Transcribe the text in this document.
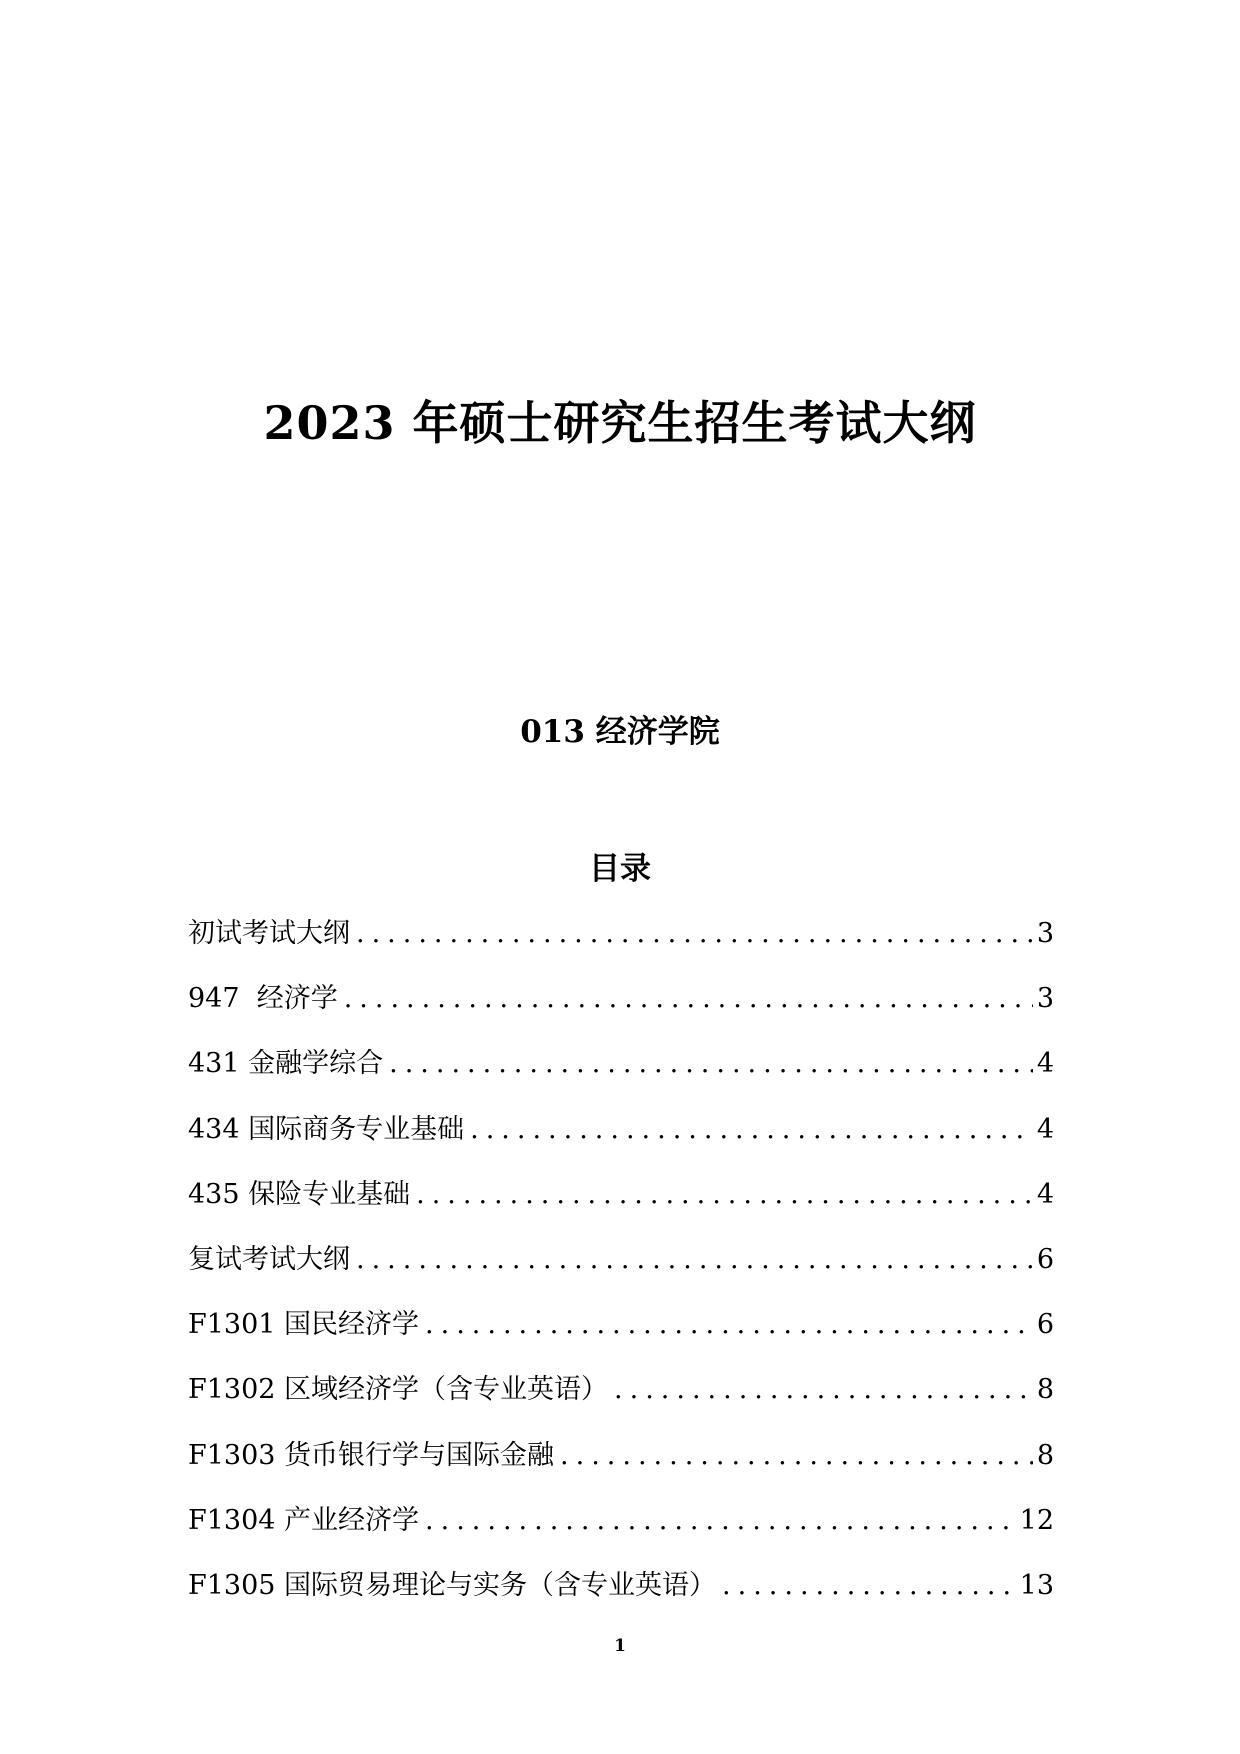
2023 年硕士研究生招生考试大纲
013 经济学院
目录
初试考试大纲 .....	3
947  经济学 .....	3
431 金融学综合 .....	4
434 国际商务专业基础 .....	4
435 保险专业基础 .....	4
复试考试大纲 .....	6
F1301 国民经济学 .....	6
F1302 区域经济学（含专业英语） .....	8
F1303 货币银行学与国际金融 .....	8
F1304 产业经济学 .....	12
F1305 国际贸易理论与实务（含专业英语） .....	13
1
